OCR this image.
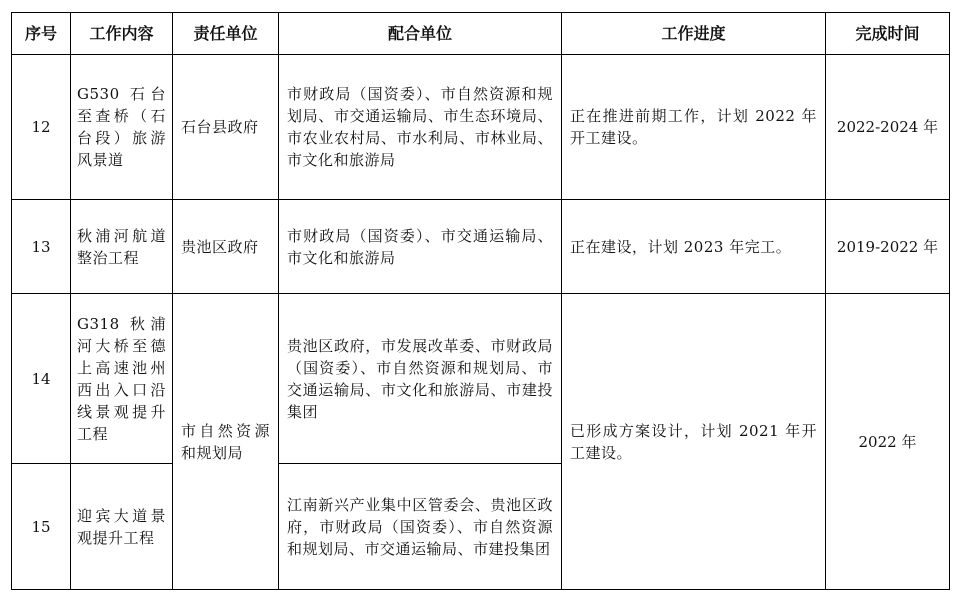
序号	工作内容	责任单位	配合单位	工作进度	完成时间
12	G530 石台至查桥（石台段）旅游风景道	石台县政府	市财政局（国资委）、市自然资源和规划局、市交通运输局、市生态环境局、市农业农村局、市水利局、市林业局、市文化和旅游局	正在推进前期工作，计划 2022 年开工建设。	2022-2024 年
13	秋浦河航道整治工程	贵池区政府	市财政局（国资委）、市交通运输局、市文化和旅游局	正在建设，计划 2023 年完工。	2019-2022 年
14	G318 秋浦河大桥至德上高速池州西出入口沿线景观提升工程	市自然资源和规划局	贵池区政府，市发展改革委、市财政局（国资委）、市自然资源和规划局、市交通运输局、市文化和旅游局、市建投集团	已形成方案设计，计划 2021 年开工建设。	2022 年
15	迎宾大道景观提升工程		江南新兴产业集中区管委会、贵池区政府，市财政局（国资委）、市自然资源和规划局、市交通运输局、市建投集团		
